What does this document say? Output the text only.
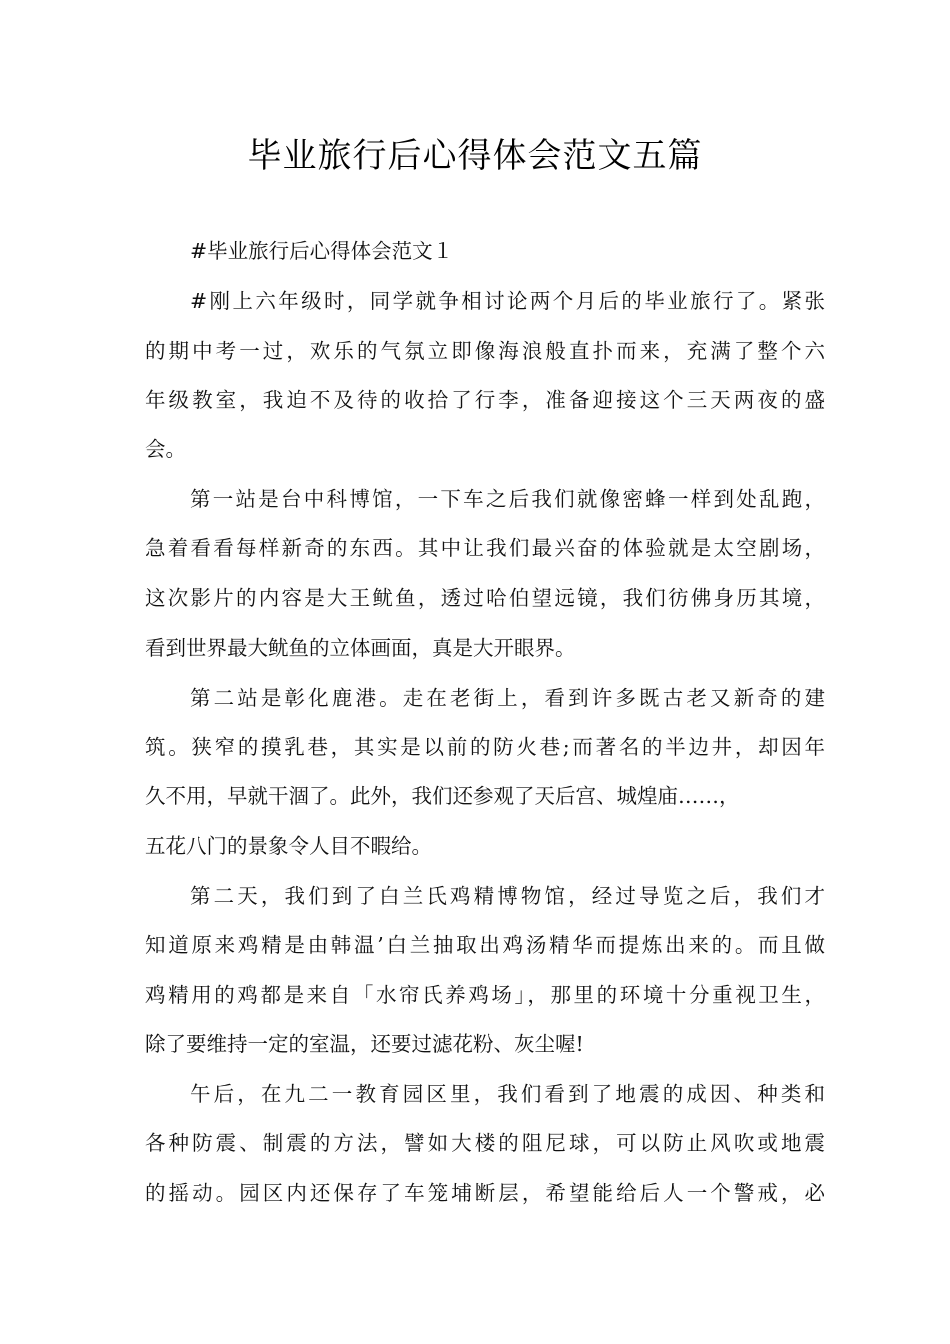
毕业旅行后心得体会范文五篇
#毕业旅行后心得体会范文１
#刚上六年级时，同学就争相讨论两个月后的毕业旅行了。紧张
的期中考一过，欢乐的气氛立即像海浪般直扑而来，充满了整个六
年级教室，我迫不及待的收拾了行李，准备迎接这个三天两夜的盛
会。
第一站是台中科博馆，一下车之后我们就像密蜂一样到处乱跑，
急着看看每样新奇的东西。其中让我们最兴奋的体验就是太空剧场，
这次影片的内容是大王鱿鱼，透过哈伯望远镜，我们彷佛身历其境，
看到世界最大鱿鱼的立体画面，真是大开眼界。
第二站是彰化鹿港。走在老街上，看到许多既古老又新奇的建
筑。狭窄的摸乳巷，其实是以前的防火巷;而著名的半边井，却因年
久不用，早就干涸了。此外，我们还参观了天后宫、城煌庙……，
五花八门的景象令人目不暇给。
第二天，我们到了白兰氏鸡精博物馆，经过导览之后，我们才
知道原来鸡精是由韩温’白兰抽取出鸡汤精华而提炼出来的。而且做
鸡精用的鸡都是来自「水帘氏养鸡场」，那里的环境十分重视卫生，
除了要维持一定的室温，还要过滤花粉、灰尘喔!
午后，在九二一教育园区里，我们看到了地震的成因、种类和
各种防震、制震的方法，譬如大楼的阻尼球，可以防止风吹或地震
的摇动。园区内还保存了车笼埔断层，希望能给后人一个警戒，必
